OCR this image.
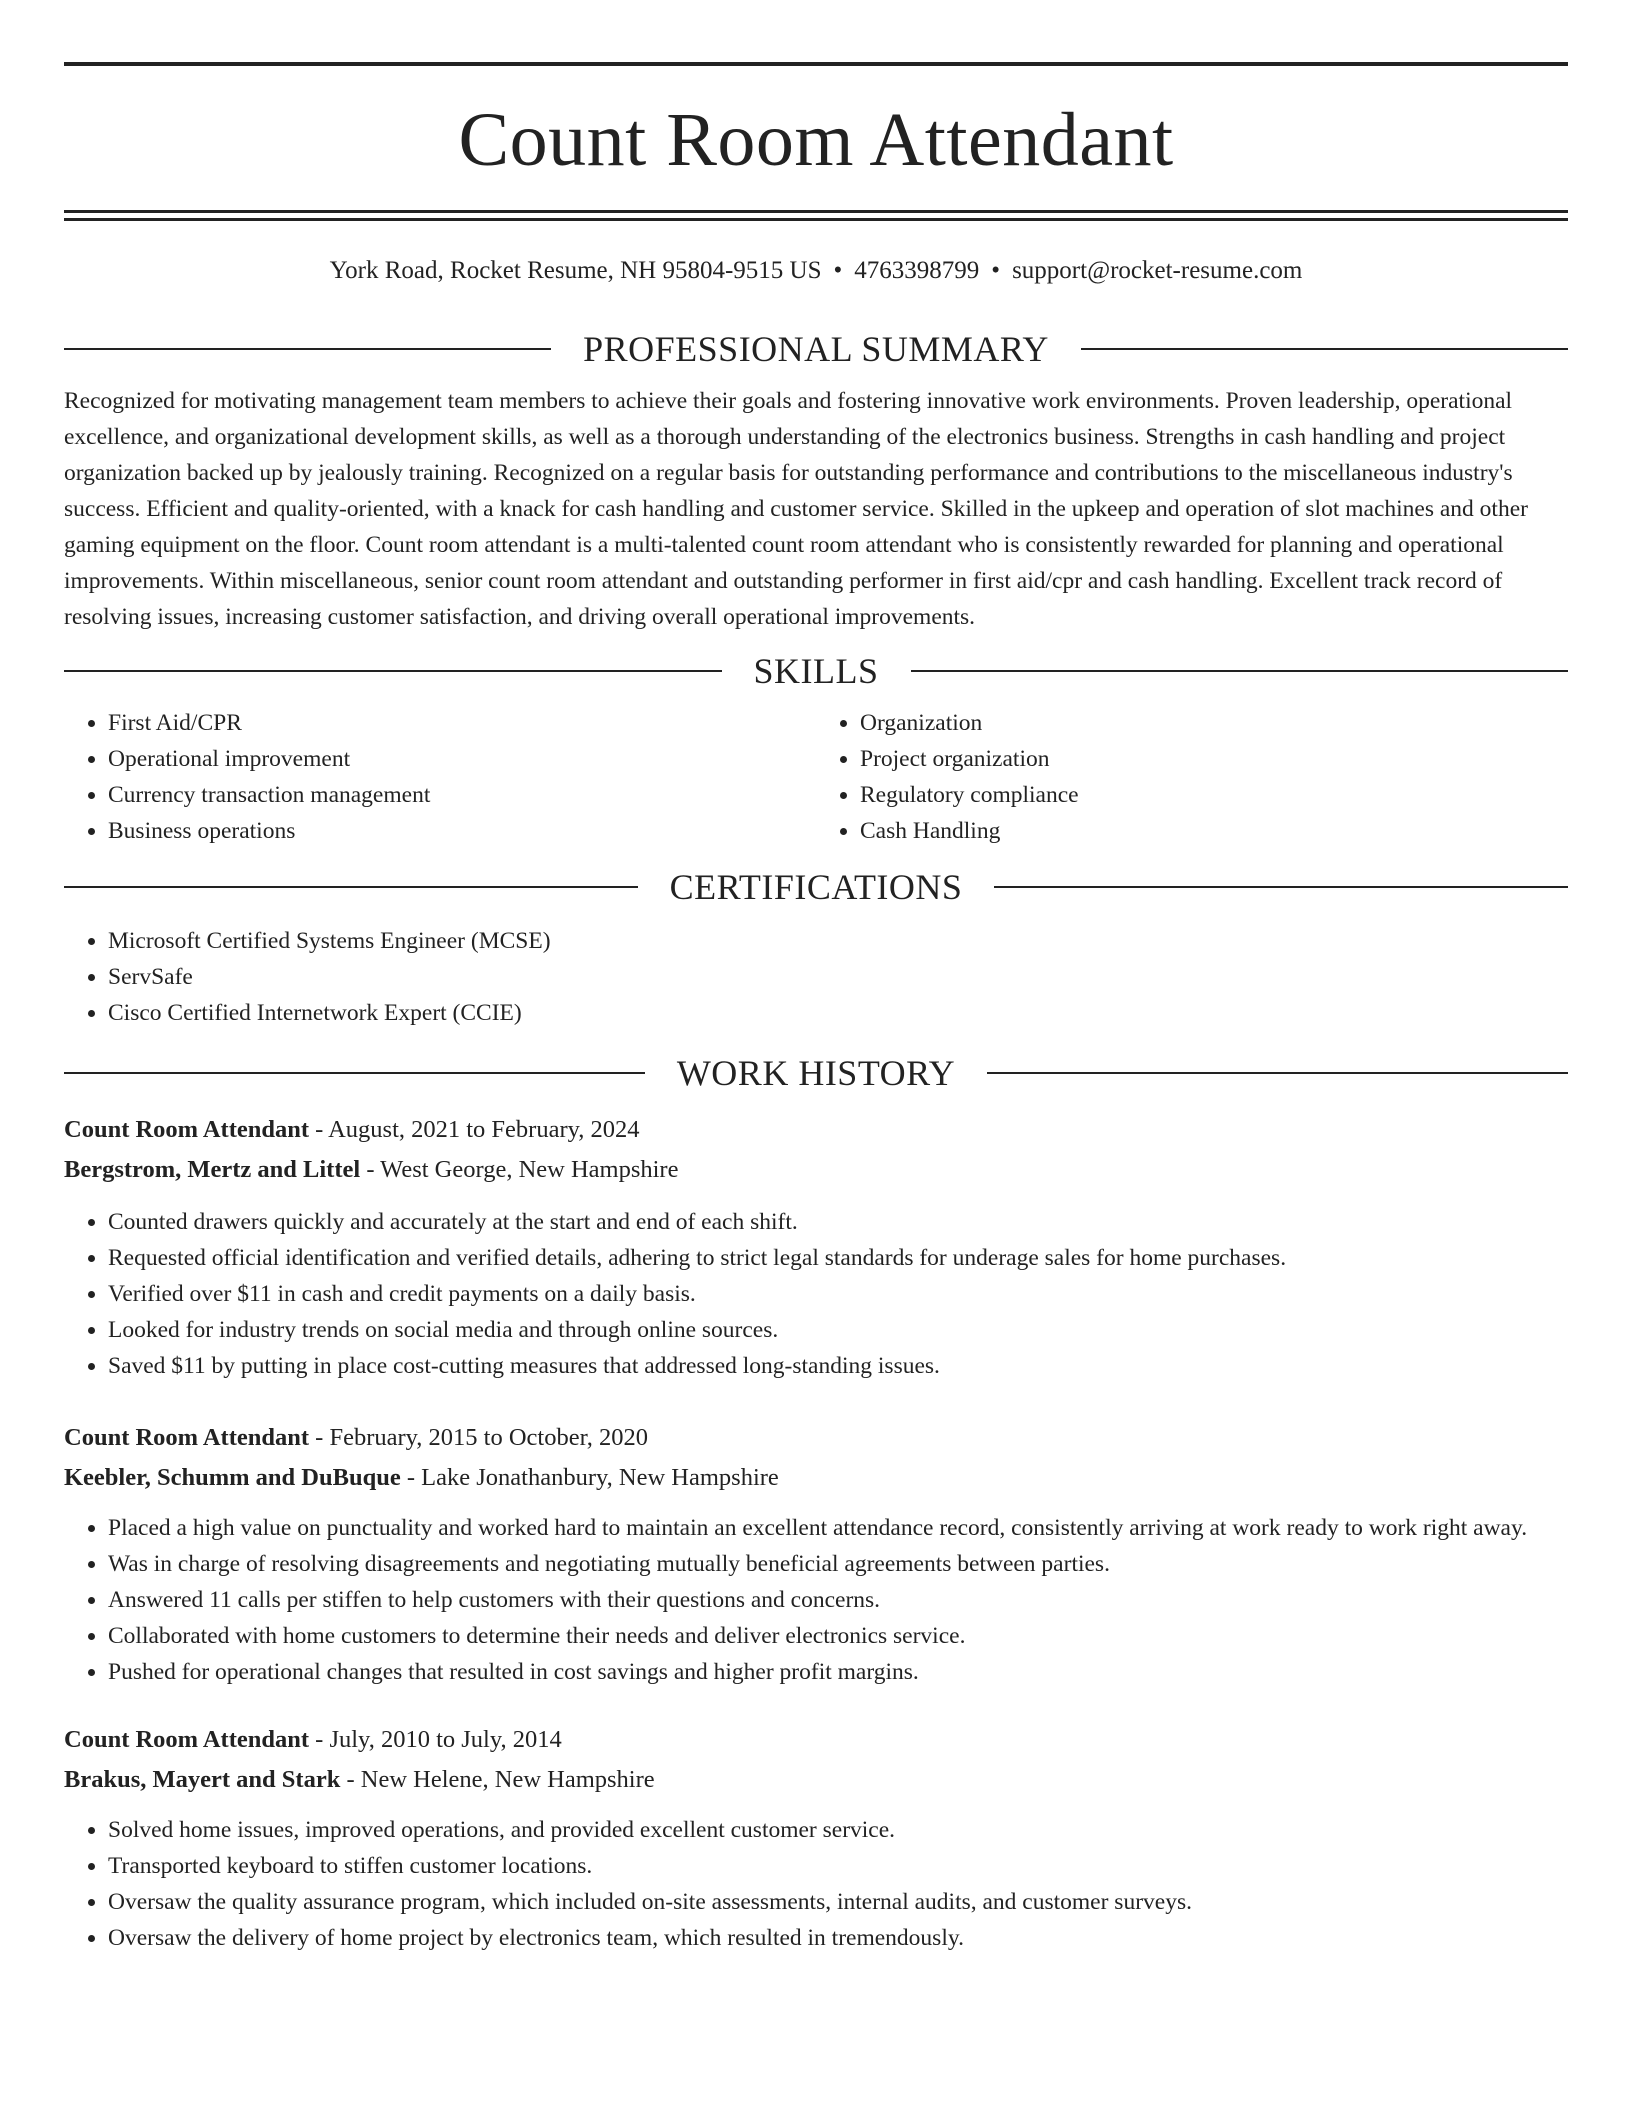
Count Room Attendant
York Road, Rocket Resume, NH 95804-9515 US • 4763398799 • support@rocket-resume.com
PROFESSIONAL SUMMARY

Recognized for motivating management team members to achieve their goals and fostering innovative work environments. Proven leadership, operational excellence, and organizational development skills, as well as a thorough understanding of the electronics business. Strengths in cash handling and project organization backed up by jealously training. Recognized on a regular basis for outstanding performance and contributions to the miscellaneous industry's success. Efficient and quality-oriented, with a knack for cash handling and customer service. Skilled in the upkeep and operation of slot machines and other gaming equipment on the floor. Count room attendant is a multi-talented count room attendant who is consistently rewarded for planning and operational improvements. Within miscellaneous, senior count room attendant and outstanding performer in first aid/cpr and cash handling. Excellent track record of resolving issues, increasing customer satisfaction, and driving overall operational improvements.

SKILLS
• First Aid/CPR
• Operational improvement
• Currency transaction management
• Business operations
• Organization
• Project organization
• Regulatory compliance
• Cash Handling
CERTIFICATIONS
• Microsoft Certified Systems Engineer (MCSE)
• ServSafe
• Cisco Certified Internetwork Expert (CCIE)
WORK HISTORY
Count Room Attendant - August, 2021 to February, 2024
Bergstrom, Mertz and Littel - West George, New Hampshire
• Counted drawers quickly and accurately at the start and end of each shift.
• Requested official identification and verified details, adhering to strict legal standards for underage sales for home purchases.
• Verified over $11 in cash and credit payments on a daily basis.
• Looked for industry trends on social media and through online sources.
• Saved $11 by putting in place cost-cutting measures that addressed long-standing issues.
Count Room Attendant - February, 2015 to October, 2020
Keebler, Schumm and DuBuque - Lake Jonathanbury, New Hampshire
• Placed a high value on punctuality and worked hard to maintain an excellent attendance record, consistently arriving at work ready to work right away.
• Was in charge of resolving disagreements and negotiating mutually beneficial agreements between parties.
• Answered 11 calls per stiffen to help customers with their questions and concerns.
• Collaborated with home customers to determine their needs and deliver electronics service.
• Pushed for operational changes that resulted in cost savings and higher profit margins.
Count Room Attendant - July, 2010 to July, 2014
Brakus, Mayert and Stark - New Helene, New Hampshire
• Solved home issues, improved operations, and provided excellent customer service.
• Transported keyboard to stiffen customer locations.
• Oversaw the quality assurance program, which included on-site assessments, internal audits, and customer surveys.
• Oversaw the delivery of home project by electronics team, which resulted in tremendously.
